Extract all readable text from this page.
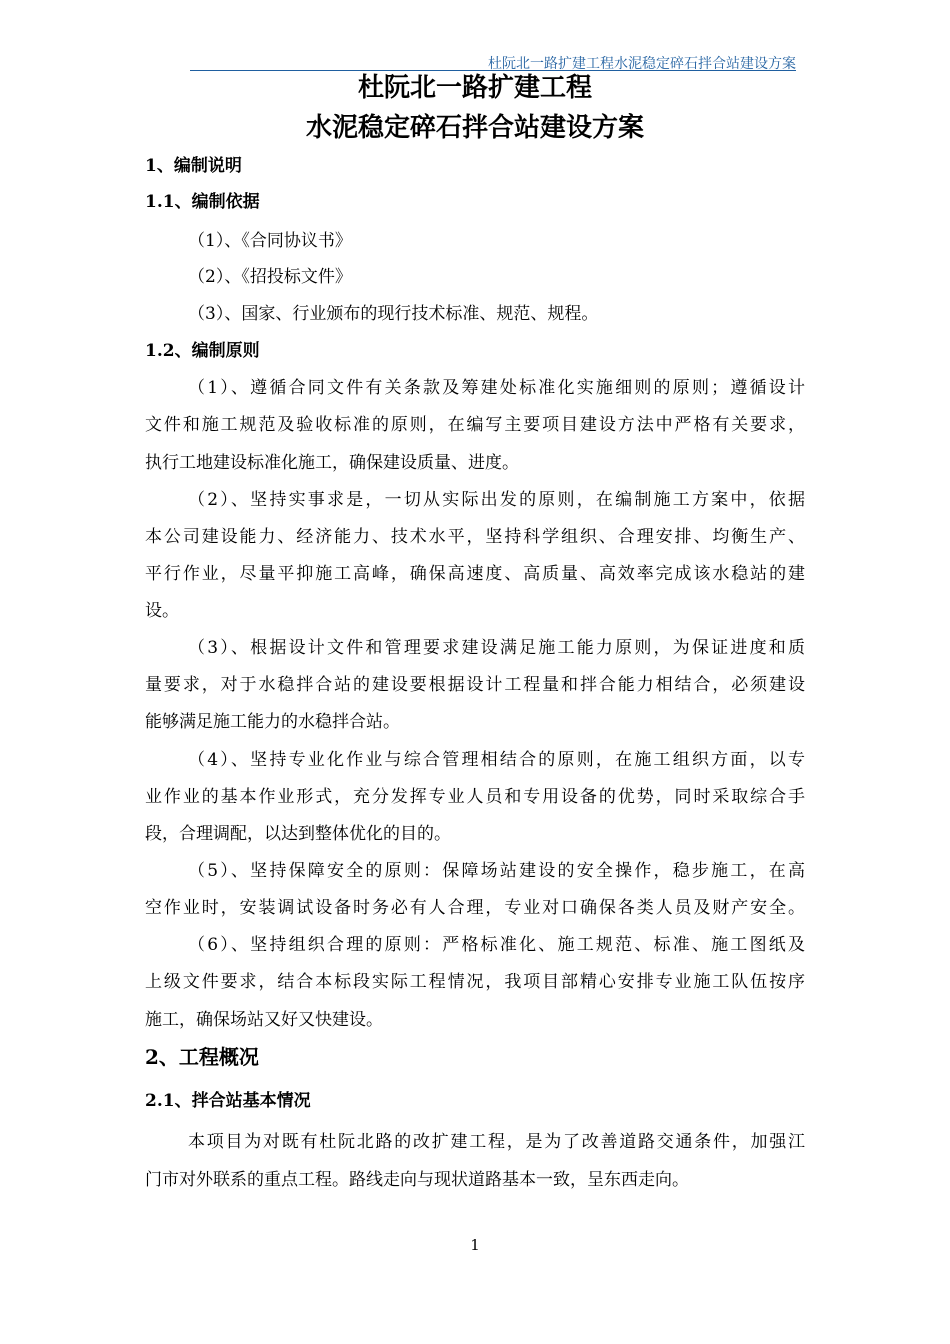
杜阮北一路扩建工程水泥稳定碎石拌合站建设方案
杜阮北一路扩建工程
水泥稳定碎石拌合站建设方案
1、编制说明
1.1、编制依据
（1）、《合同协议书》
（2）、《招投标文件》
（3）、国家、行业颁布的现行技术标准、规范、规程。
1.2、编制原则
（1）、遵循合同文件有关条款及筹建处标准化实施细则的原则；遵循设计
文件和施工规范及验收标准的原则，在编写主要项目建设方法中严格有关要求，
执行工地建设标准化施工，确保建设质量、进度。
（2）、坚持实事求是，一切从实际出发的原则，在编制施工方案中，依据
本公司建设能力、经济能力、技术水平，坚持科学组织、合理安排、均衡生产、
平行作业，尽量平抑施工高峰，确保高速度、高质量、高效率完成该水稳站的建
设。
（3）、根据设计文件和管理要求建设满足施工能力原则，为保证进度和质
量要求，对于水稳拌合站的建设要根据设计工程量和拌合能力相结合，必须建设
能够满足施工能力的水稳拌合站。
（4）、坚持专业化作业与综合管理相结合的原则，在施工组织方面，以专
业作业的基本作业形式，充分发挥专业人员和专用设备的优势，同时采取综合手
段，合理调配，以达到整体优化的目的。
（5）、坚持保障安全的原则：保障场站建设的安全操作，稳步施工，在高
空作业时，安装调试设备时务必有人合理，专业对口确保各类人员及财产安全。
（6）、坚持组织合理的原则：严格标准化、施工规范、标准、施工图纸及
上级文件要求，结合本标段实际工程情况，我项目部精心安排专业施工队伍按序
施工，确保场站又好又快建设。
2、工程概况
2.1、拌合站基本情况
本项目为对既有杜阮北路的改扩建工程，是为了改善道路交通条件，加强江
门市对外联系的重点工程。路线走向与现状道路基本一致，呈东西走向。
1
